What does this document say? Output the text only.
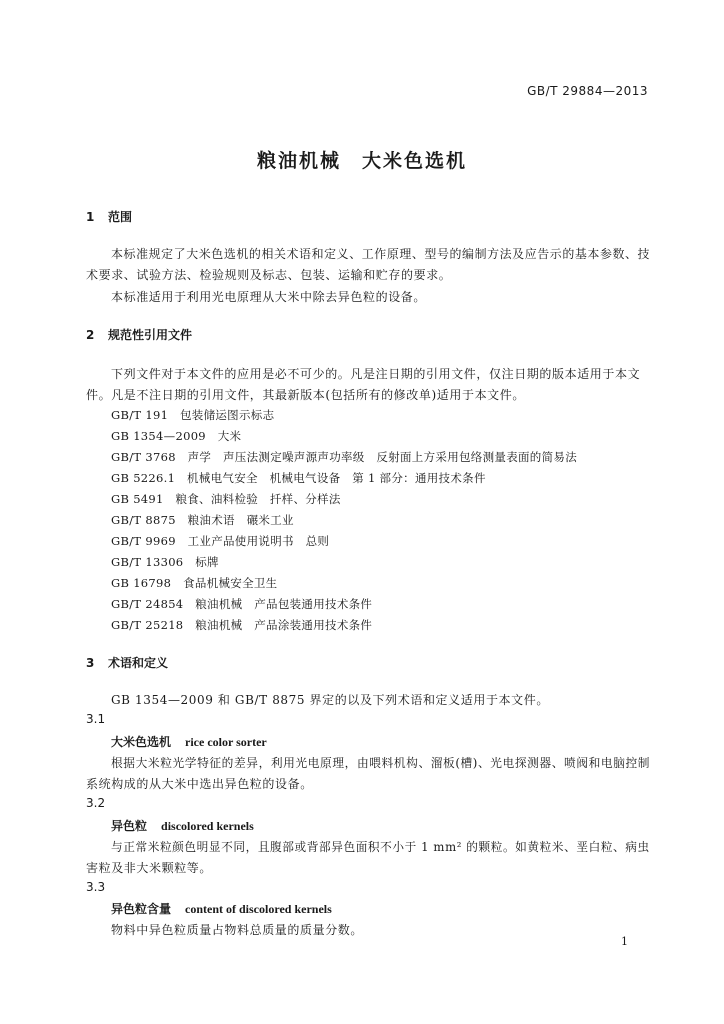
GB/T 29884—2013
粮油机械　大米色选机
1 范围
本标准规定了大米色选机的相关术语和定义、工作原理、型号的编制方法及应告示的基本参数、技
术要求、试验方法、检验规则及标志、包装、运输和贮存的要求。
本标准适用于利用光电原理从大米中除去异色粒的设备。
2 规范性引用文件
下列文件对于本文件的应用是必不可少的。凡是注日期的引用文件，仅注日期的版本适用于本文
件。凡是不注日期的引用文件，其最新版本(包括所有的修改单)适用于本文件。
GB/T 191　包装储运图示标志
GB 1354—2009　大米
GB/T 3768　声学　声压法测定噪声源声功率级　反射面上方采用包络测量表面的简易法
GB 5226.1　机械电气安全　机械电气设备　第 1 部分：通用技术条件
GB 5491　粮食、油料检验　扦样、分样法
GB/T 8875　粮油术语　碾米工业
GB/T 9969　工业产品使用说明书　总则
GB/T 13306　标牌
GB 16798　食品机械安全卫生
GB/T 24854　粮油机械　产品包装通用技术条件
GB/T 25218　粮油机械　产品涂装通用技术条件
3 术语和定义
GB 1354—2009 和 GB/T 8875 界定的以及下列术语和定义适用于本文件。
3.1
大米色选机 rice color sorter
根据大米粒光学特征的差异，利用光电原理，由喂料机构、溜板(槽)、光电探测器、喷阀和电脑控制
系统构成的从大米中选出异色粒的设备。
3.2
异色粒 discolored kernels
与正常米粒颜色明显不同，且腹部或背部异色面积不小于 1 mm² 的颗粒。如黄粒米、垩白粒、病虫
害粒及非大米颗粒等。
3.3
异色粒含量 content of discolored kernels
物料中异色粒质量占物料总质量的质量分数。
1
